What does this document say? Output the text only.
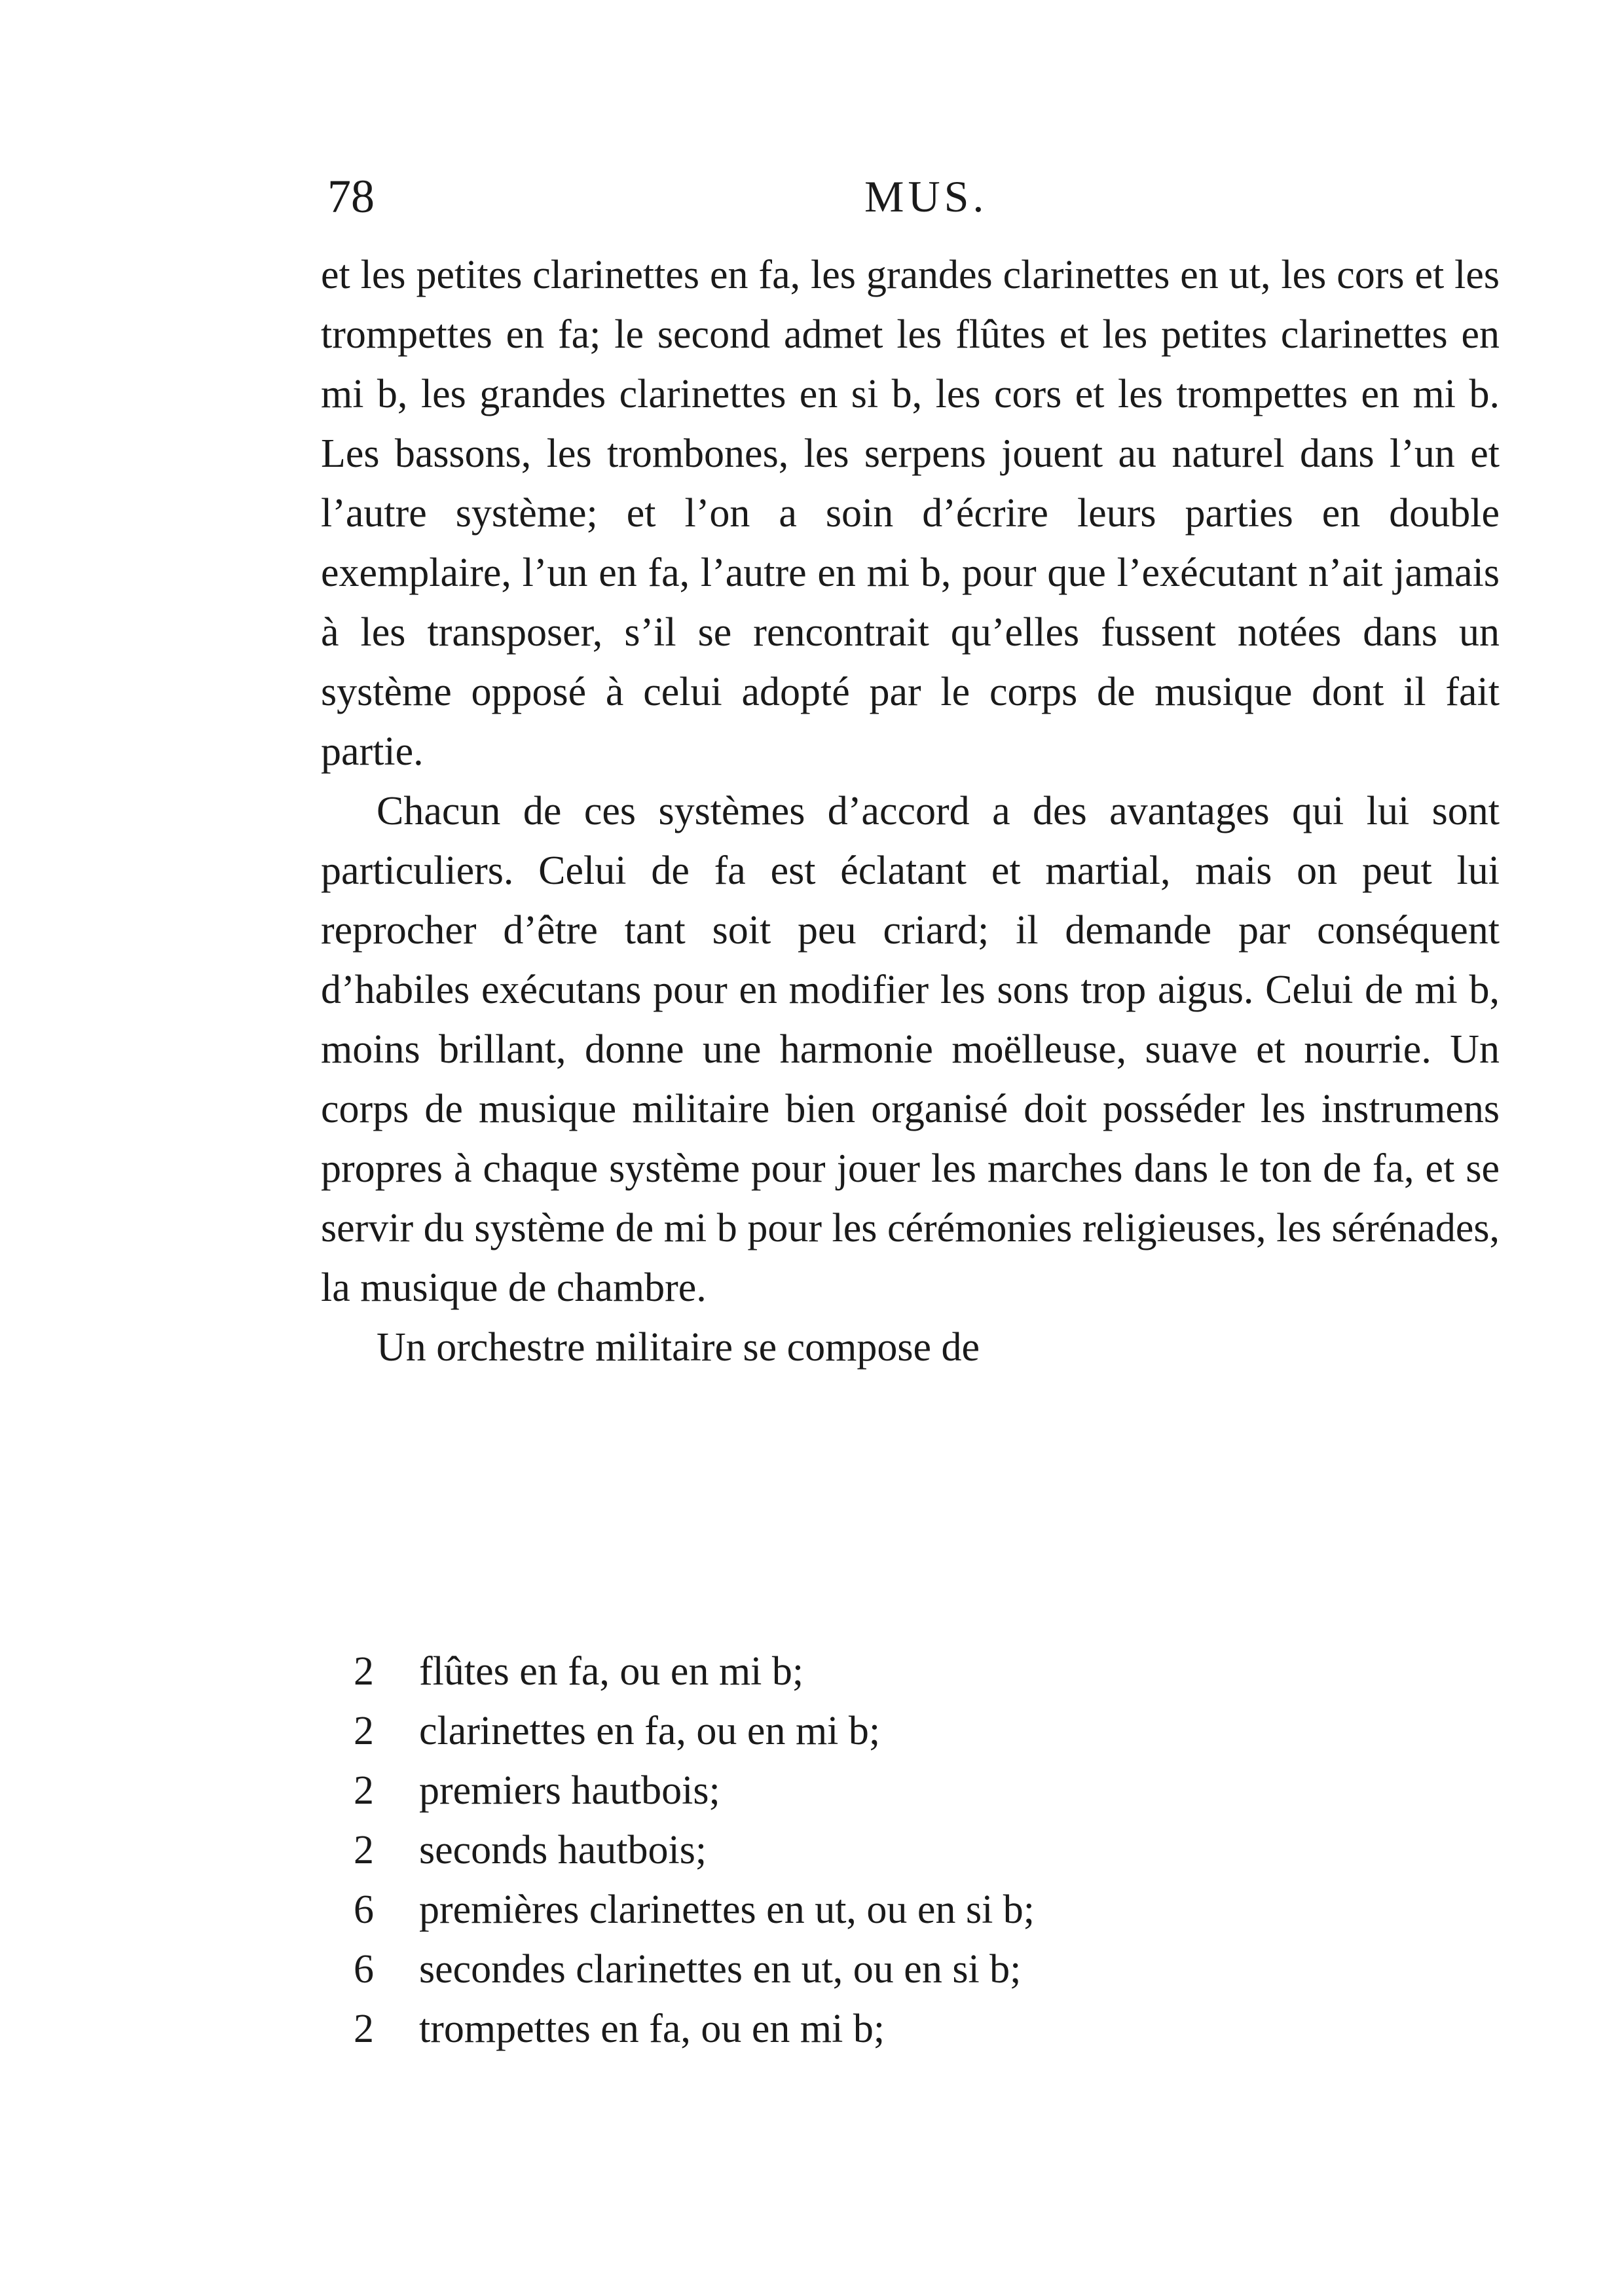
78	MUS.

et les petites clarinettes en fa, les grandes clarinettes en ut, les cors et les trompettes en fa; le second admet les flûtes et les petites clarinettes en mi b, les grandes clarinettes en si b, les cors et les trompettes en mi b. Les bassons, les trombones, les serpens jouent au naturel dans l’un et l’autre système; et l’on a soin d’écrire leurs parties en double exemplaire, l’un en fa, l’autre en mi b, pour que l’exécutant n’ait jamais à les transposer, s’il se rencontrait qu’elles fussent notées dans un système opposé à celui adopté par le corps de musique dont il fait partie.

Chacun de ces systèmes d’accord a des avantages qui lui sont particuliers. Celui de fa est éclatant et martial, mais on peut lui reprocher d’être tant soit peu criard; il demande par conséquent d’habiles exécutans pour en modifier les sons trop aigus. Celui de mi b, moins brillant, donne une harmonie moëlleuse, suave et nourrie. Un corps de musique militaire bien organisé doit posséder les instrumens propres à chaque système pour jouer les marches dans le ton de fa, et se servir du système de mi b pour les cérémonies religieuses, les sérénades, la musique de chambre.

Un orchestre militaire se compose de

2	flûtes en fa, ou en mi b;
2	clarinettes en fa, ou en mi b;
2	premiers hautbois;
2	seconds hautbois;
6	premières clarinettes en ut, ou en si b;
6	secondes clarinettes en ut, ou en si b;
2	trompettes en fa, ou en mi b;
